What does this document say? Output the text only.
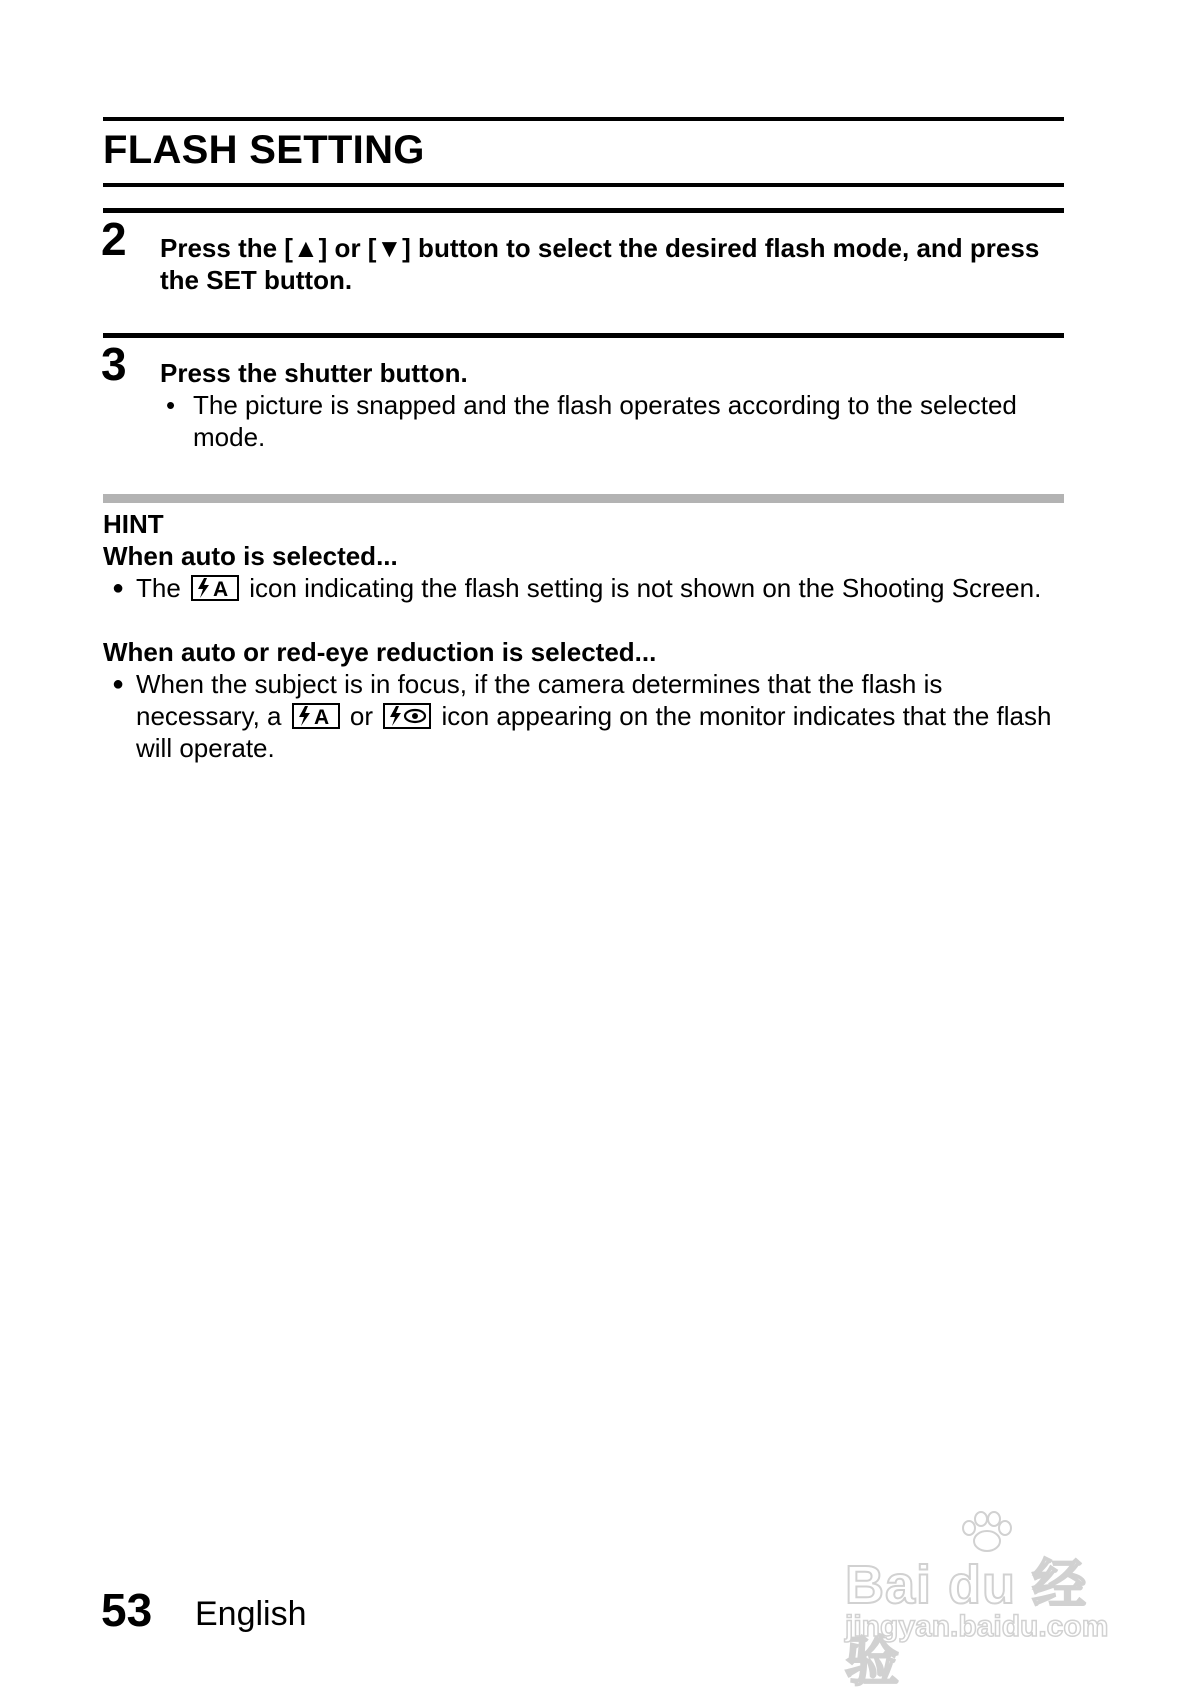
FLASH SETTING
2 Press the [▲] or [▼] button to select the desired flash mode, and press the SET button.
3 Press the shutter button.
• The picture is snapped and the flash operates according to the selected mode.
HINT
When auto is selected...
● The A icon indicating the flash setting is not shown on the Shooting Screen.
When auto or red-eye reduction is selected...
● When the subject is in focus, if the camera determines that the flash is necessary, a A or
icon appearing on the monitor indicates that the flash will operate.
53 English	Bai du 经验
jingyan.baidu.com
